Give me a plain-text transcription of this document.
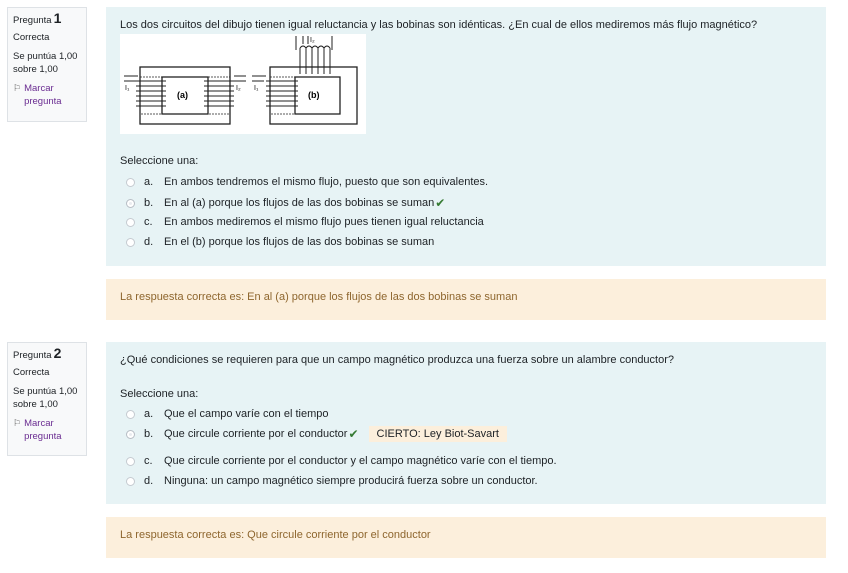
Pregunta 1
Correcta
Se puntúa 1,00
sobre 1,00
⚐ Marcar
pregunta
Los dos circuitos del dibujo tienen igual reluctancia y las bobinas son idénticas. ¿En cual de ellos mediremos más flujo magnético?
I₁	I₂
(a)
I₁
I₂
(b)
Seleccione una:
a. En ambos tendremos el mismo flujo, puesto que son equivalentes.
b. En al (a) porque los flujos de las dos bobinas se suman ✔
c.	En ambos mediremos el mismo flujo pues tienen igual reluctancia
d. En el (b) porque los flujos de las dos bobinas se suman
La respuesta correcta es: En al (a) porque los flujos de las dos bobinas se suman
Pregunta 2
Correcta
Se puntúa 1,00
sobre 1,00
⚐ Marcar
pregunta
¿Qué condiciones se requieren para que un campo magnético produzca una fuerza sobre un alambre conductor?
Seleccione una:
a. Que el campo varíe con el tiempo
b. Que circule corriente por el conductor ✔	CIERTO: Ley Biot-Savart
c.	Que circule corriente por el conductor y el campo magnético varíe con el tiempo.
d. Ninguna: un campo magnético siempre producirá fuerza sobre un conductor.
La respuesta correcta es: Que circule corriente por el conductor
